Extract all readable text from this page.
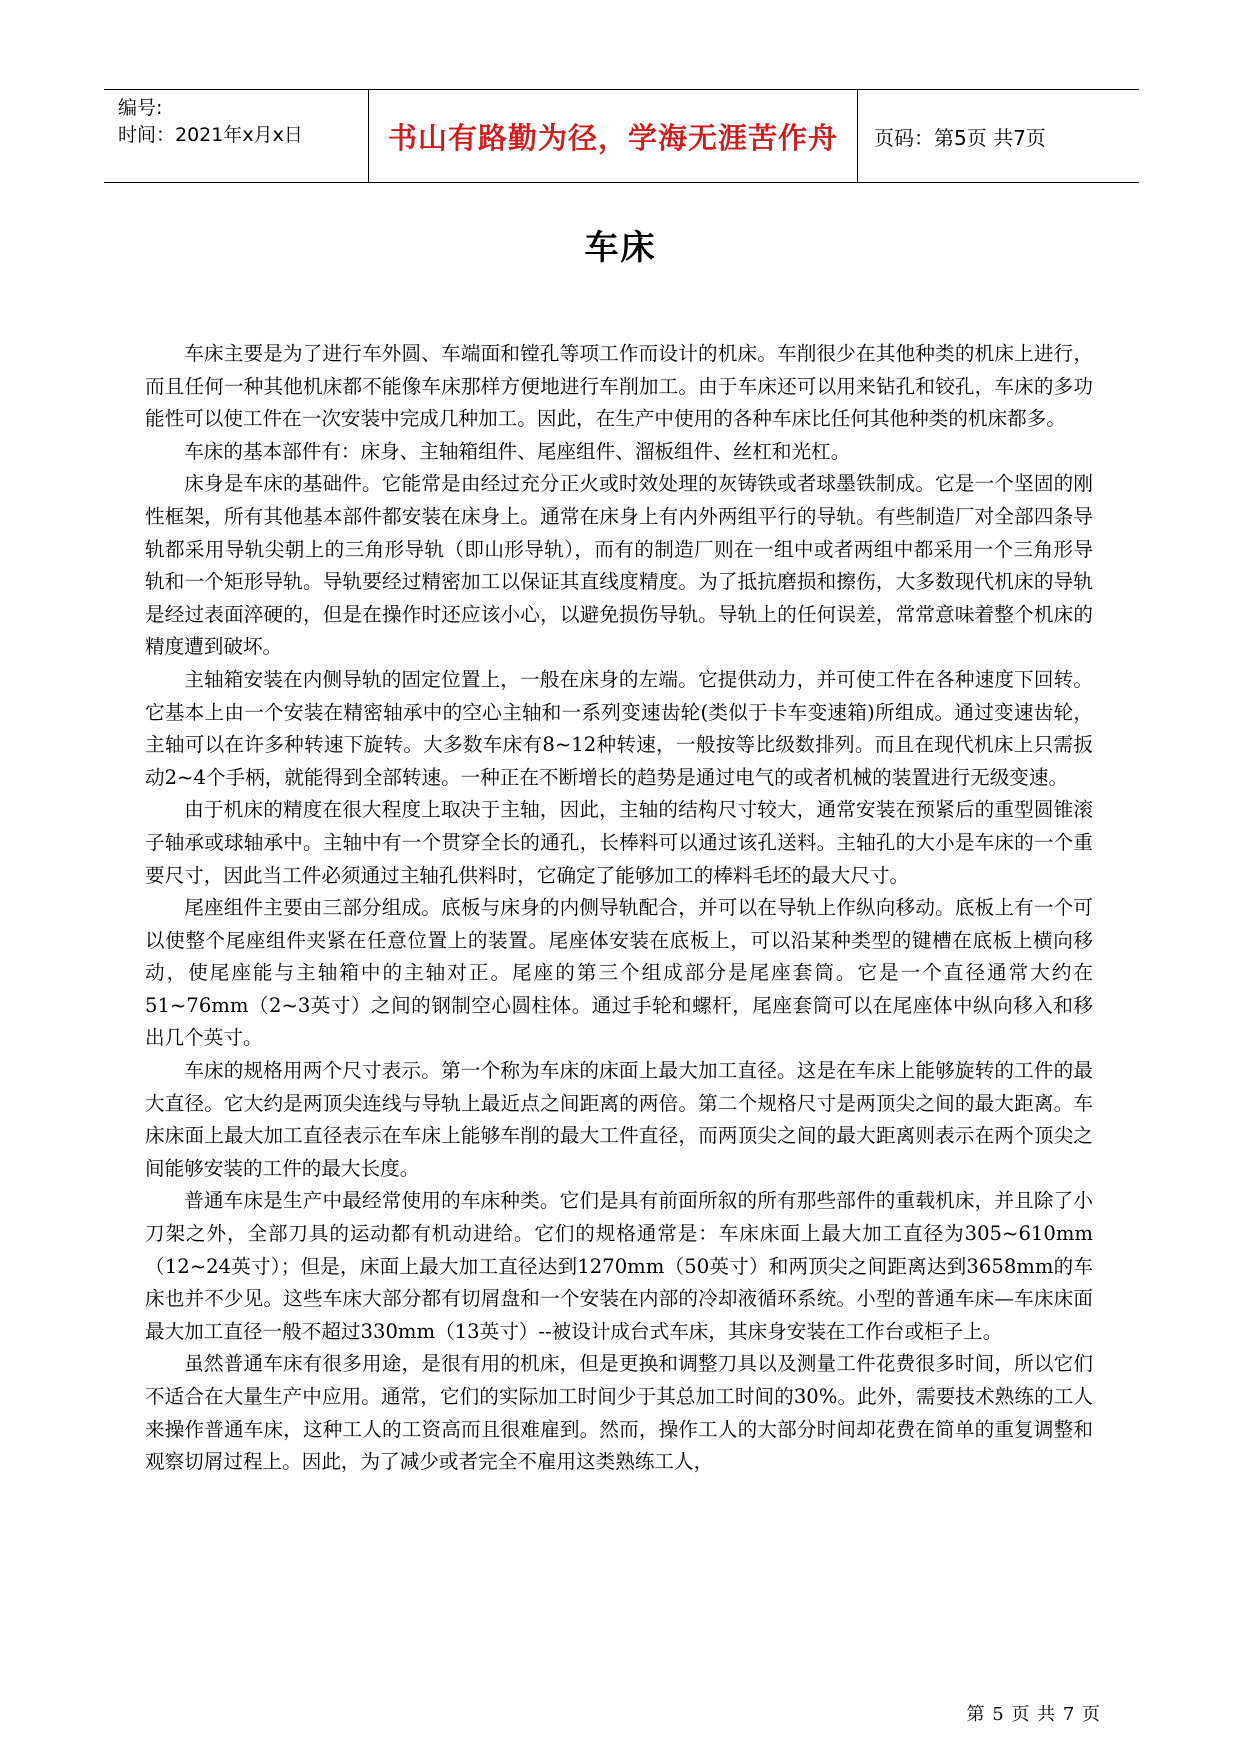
编号:
时间：2021年x月x日	书山有路勤为径，学海无涯苦作舟	页码：第5页 共7页
车床

车床主要是为了进行车外圆、车端面和镗孔等项工作而设计的机床。车削很少在其他种类的机床上进行，而且任何一种其他机床都不能像车床那样方便地进行车削加工。由于车床还可以用来钻孔和铰孔，车床的多功能性可以使工件在一次安装中完成几种加工。因此，在生产中使用的各种车床比任何其他种类的机床都多。

车床的基本部件有：床身、主轴箱组件、尾座组件、溜板组件、丝杠和光杠。

床身是车床的基础件。它能常是由经过充分正火或时效处理的灰铸铁或者球墨铁制成。它是一个坚固的刚性框架，所有其他基本部件都安装在床身上。通常在床身上有内外两组平行的导轨。有些制造厂对全部四条导轨都采用导轨尖朝上的三角形导轨（即山形导轨），而有的制造厂则在一组中或者两组中都采用一个三角形导轨和一个矩形导轨。导轨要经过精密加工以保证其直线度精度。为了抵抗磨损和擦伤，大多数现代机床的导轨是经过表面淬硬的，但是在操作时还应该小心，以避免损伤导轨。导轨上的任何误差，常常意味着整个机床的精度遭到破坏。

主轴箱安装在内侧导轨的固定位置上，一般在床身的左端。它提供动力，并可使工件在各种速度下回转。它基本上由一个安装在精密轴承中的空心主轴和一系列变速齿轮(类似于卡车变速箱)所组成。通过变速齿轮，主轴可以在许多种转速下旋转。大多数车床有8~12种转速，一般按等比级数排列。而且在现代机床上只需扳动2~4个手柄，就能得到全部转速。一种正在不断增长的趋势是通过电气的或者机械的装置进行无级变速。

由于机床的精度在很大程度上取决于主轴，因此，主轴的结构尺寸较大，通常安装在预紧后的重型圆锥滚子轴承或球轴承中。主轴中有一个贯穿全长的通孔，长棒料可以通过该孔送料。主轴孔的大小是车床的一个重要尺寸，因此当工件必须通过主轴孔供料时，它确定了能够加工的棒料毛坯的最大尺寸。

尾座组件主要由三部分组成。底板与床身的内侧导轨配合，并可以在导轨上作纵向移动。底板上有一个可以使整个尾座组件夹紧在任意位置上的装置。尾座体安装在底板上，可以沿某种类型的键槽在底板上横向移动，使尾座能与主轴箱中的主轴对正。尾座的第三个组成部分是尾座套筒。它是一个直径通常大约在51~76mm（2~3英寸）之间的钢制空心圆柱体。通过手轮和螺杆，尾座套筒可以在尾座体中纵向移入和移出几个英寸。

车床的规格用两个尺寸表示。第一个称为车床的床面上最大加工直径。这是在车床上能够旋转的工件的最大直径。它大约是两顶尖连线与导轨上最近点之间距离的两倍。第二个规格尺寸是两顶尖之间的最大距离。车床床面上最大加工直径表示在车床上能够车削的最大工件直径，而两顶尖之间的最大距离则表示在两个顶尖之间能够安装的工件的最大长度。

普通车床是生产中最经常使用的车床种类。它们是具有前面所叙的所有那些部件的重载机床，并且除了小刀架之外，全部刀具的运动都有机动进给。它们的规格通常是：车床床面上最大加工直径为305~610mm（12~24英寸）；但是，床面上最大加工直径达到1270mm（50英寸）和两顶尖之间距离达到3658mm的车床也并不少见。这些车床大部分都有切屑盘和一个安装在内部的冷却液循环系统。小型的普通车床—车床床面最大加工直径一般不超过330mm（13英寸）--被设计成台式车床，其床身安装在工作台或柜子上。

虽然普通车床有很多用途，是很有用的机床，但是更换和调整刀具以及测量工件花费很多时间，所以它们不适合在大量生产中应用。通常，它们的实际加工时间少于其总加工时间的30%。此外，需要技术熟练的工人来操作普通车床，这种工人的工资高而且很难雇到。然而，操作工人的大部分时间却花费在简单的重复调整和观察切屑过程上。因此，为了减少或者完全不雇用这类熟练工人，

第 5 页 共 7 页
